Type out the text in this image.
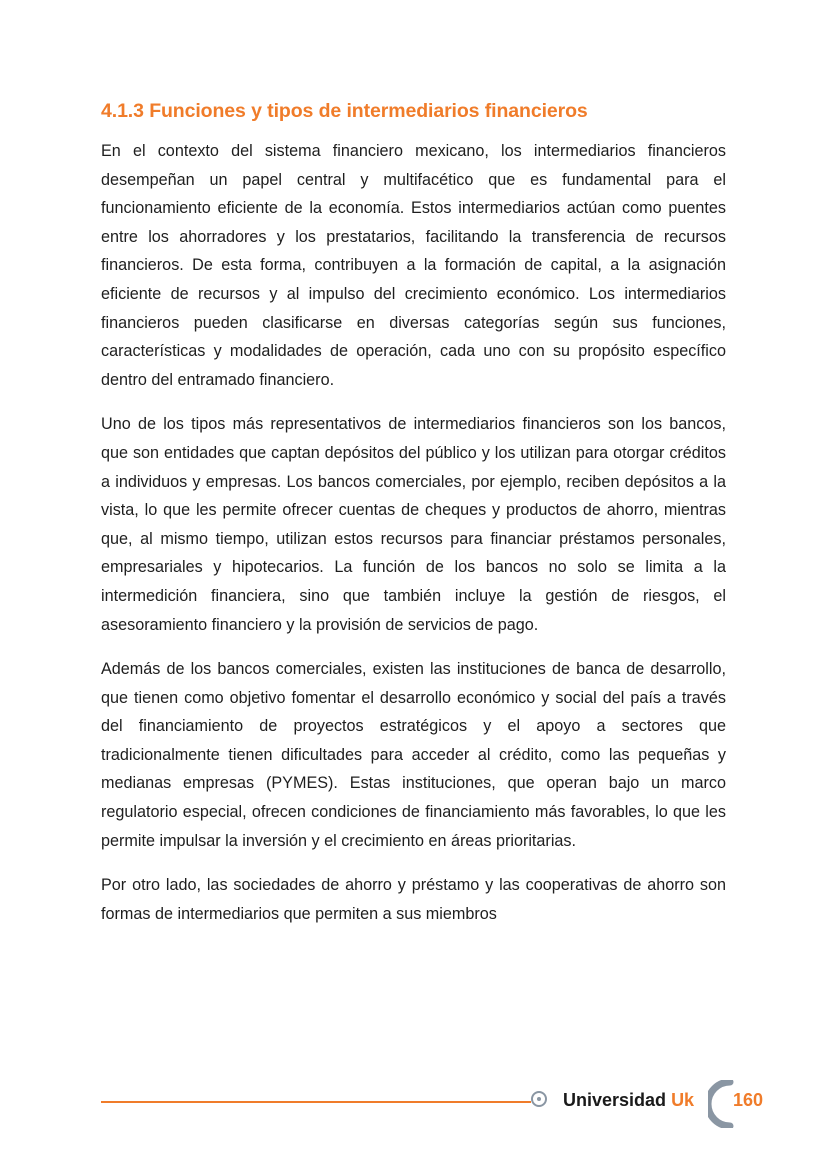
4.1.3 Funciones y tipos de intermediarios financieros

En el contexto del sistema financiero mexicano, los intermediarios financieros desempeñan un papel central y multifacético que es fundamental para el funcionamiento eficiente de la economía. Estos intermediarios actúan como puentes entre los ahorradores y los prestatarios, facilitando la transferencia de recursos financieros. De esta forma, contribuyen a la formación de capital, a la asignación eficiente de recursos y al impulso del crecimiento económico. Los intermediarios financieros pueden clasificarse en diversas categorías según sus funciones, características y modalidades de operación, cada uno con su propósito específico dentro del entramado financiero.

Uno de los tipos más representativos de intermediarios financieros son los bancos, que son entidades que captan depósitos del público y los utilizan para otorgar créditos a individuos y empresas. Los bancos comerciales, por ejemplo, reciben depósitos a la vista, lo que les permite ofrecer cuentas de cheques y productos de ahorro, mientras que, al mismo tiempo, utilizan estos recursos para financiar préstamos personales, empresariales y hipotecarios. La función de los bancos no solo se limita a la intermedición financiera, sino que también incluye la gestión de riesgos, el asesoramiento financiero y la provisión de servicios de pago.

Además de los bancos comerciales, existen las instituciones de banca de desarrollo, que tienen como objetivo fomentar el desarrollo económico y social del país a través del financiamiento de proyectos estratégicos y el apoyo a sectores que tradicionalmente tienen dificultades para acceder al crédito, como las pequeñas y medianas empresas (PYMES). Estas instituciones, que operan bajo un marco regulatorio especial, ofrecen condiciones de financiamiento más favorables, lo que les permite impulsar la inversión y el crecimiento en áreas prioritarias.

Por otro lado, las sociedades de ahorro y préstamo y las cooperativas de ahorro son formas de intermediarios que permiten a sus miembros

Universidad Uk 160
